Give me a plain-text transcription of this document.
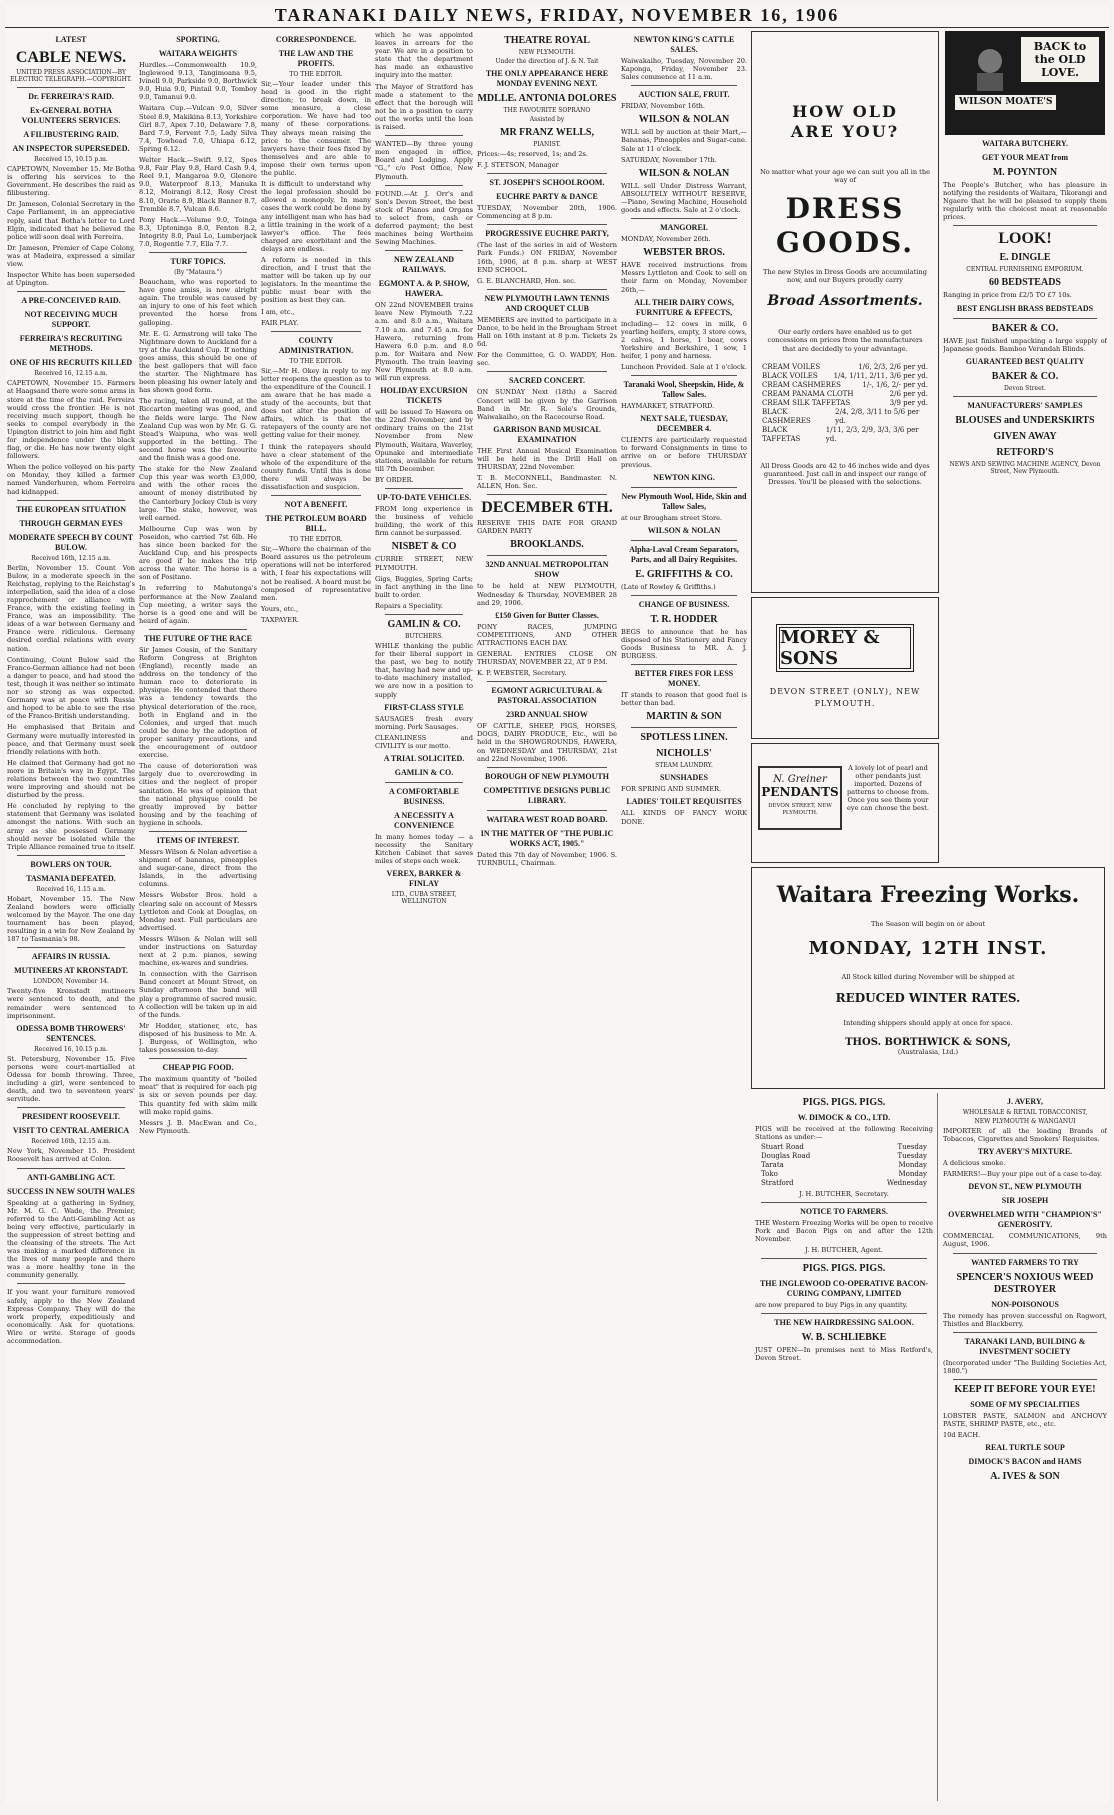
TARANAKI DAILY NEWS, FRIDAY, NOVEMBER 16, 1906
LATEST
CABLE NEWS.
UNITED PRESS ASSOCIATION—BY ELECTRIC TELEGRAPH.—COPYRIGHT.
Dr. FERREIRA'S RAID.
Ex-GENERAL BOTHA VOLUNTEERS SERVICES.
A FILIBUSTERING RAID.
AN INSPECTOR SUPERSEDED.
Received 15, 10.15 p.m.

CAPETOWN, November 15. Mr Botha is offering his services to the Government. He describes the raid as filibustering.

Dr. Jameson, Colonial Secretary in the Cape Parliament, in an appreciative reply, said that Botha's letter to Lord Elgin, indicated that he believed the police will soon deal with Ferreira.

Dr. Jameson, Premier of Cape Colony, was at Madeira, expressed a similar view.

Inspector White has been superseded at Upington.

A PRE-CONCEIVED RAID.
NOT RECEIVING MUCH SUPPORT.
FERREIRA'S RECRUITING METHODS.
ONE OF HIS RECRUITS KILLED
Received 16, 12.15 a.m.

CAPETOWN, November 15. Farmers at Haagsand there were some arms in store at the time of the raid. Ferreira would cross the frontier. He is not receiving much support, though he seeks to compel everybody in the Upington district to join him and fight for independence under the black flag, or die. He has now twenty eight followers.

When the police volleyed on his party on Monday, they killed a farmer named Vanderhuren, whom Ferreira had kidnapped.

THE EUROPEAN SITUATION
THROUGH GERMAN EYES
MODERATE SPEECH BY COUNT BULOW.
Received 16th, 12.15 a.m.

Berlin, November 15. Count Von Bulow, in a moderate speech in the Reichstag, replying to the Reichstag's interpellation, said the idea of a close rapprochement or alliance with France, with the existing feeling in France, was an impossibility. The ideas of a war between Germany and France were ridiculous. Germany desired cordial relations with every nation.

Continuing, Count Bulow said the Franco-German alliance had not been a danger to peace, and had stood the test, though it was neither so intimate nor so strong as was expected. Germany was at peace with Russia and hoped to be able to see the rise of the Franco-British understanding.

He emphasised that Britain and Germany were mutually interested in peace, and that Germany must seek friendly relations with both.

He claimed that Germany had got no more in Britain's way in Egypt. The relations between the two countries were improving and should not be disturbed by the press.

He concluded by replying to the statement that Germany was isolated amongst the nations. With such an army as she possessed Germany should never be isolated while the Triple Alliance remained true to itself.

BOWLERS ON TOUR.
TASMANIA DEFEATED.
Received 16, 1.15 a.m.

Hobart, November 15. The New Zealand bowlers were officially welcomed by the Mayor. The one day tournament has been played, resulting in a win for New Zealand by 187 to Tasmania's 98.

AFFAIRS IN RUSSIA.
MUTINEERS AT KRONSTADT.
LONDON, November 14.

Twenty-five Kronstadt mutineers were sentenced to death, and the remainder were sentenced to imprisonment.

ODESSA BOMB THROWERS' SENTENCES.
Received 16, 10.15 p.m.

St. Petersburg, November 15. Five persons were court-martialled at Odessa for bomb throwing. Three, including a girl, were sentenced to death, and two to seventeen years' servitude.

PRESIDENT ROOSEVELT.
VISIT TO CENTRAL AMERICA
Received 16th, 12.15 a.m.

New York, November 15. President Roosevelt has arrived at Colon.

ANTI-GAMBLING ACT.
SUCCESS IN NEW SOUTH WALES

Speaking at a gathering in Sydney, Mr. M. G. C. Wade, the Premier, referred to the Anti-Gambling Act as being very effective, particularly in the suppression of street betting and the cleansing of the streets. The Act was making a marked difference in the lives of many people and there was a more healthy tone in the community generally.

If you want your furniture removed safely, apply to the New Zealand Express Company. They will do the work properly, expeditiously and economically. Ask for quotations. Wire or write. Storage of goods accommodation.

SPORTING.
WAITARA WEIGHTS

Hurdles.—Commonwealth 10.9, Inglewood 9.13, Tangimoana 9.5, Ivinell 9.0, Parkside 9.0, Borthwick 9.0, Huia 9.0, Pintail 9.0, Tomboy 9.0, Tamanui 9.0.

Waitara Cup.—Vulcan 9.0, Silver Steel 8.9, Makikina 8.13, Yorkshire Girl 8.7, Apex 7.10, Delaware 7.8, Bard 7.9, Fervent 7.5, Lady Silva 7.4, Towhead 7.0, Uhiapa 6.12, Spring 6.12.

Welter Hack.—Swift 9.12, Spes 9.8, Fair Play 9.8, Hard Cash 9.4, Reel 9.1, Mangaroa 9.0, Glenore 9.0, Waterproof 8.13, Manuka 8.12, Moirangi 8.12, Rosy Crest 8.10, Orarie 8.9, Black Banner 8.7, Tremble 8.7, Vulcan 8.6.

Pony Hack.—Volume 9.0, Toinga 8.3, Uptoninga 8.0, Fenton 8.2, Integrity 8.0, Paul Lo, Lumberjack 7.0, Rogentle 7.7, Ella 7.7.

TURF TOPICS.
(By "Mataura.")

Beaucham, who was reported to have gone amiss, is now alright again. The trouble was caused by an injury to one of his feet which prevented the horse from galloping.

Mr. E. G. Armstrong will take The Nightmare down to Auckland for a try at the Auckland Cup. If nothing goes amiss, this should be one of the best gallopers that will face the starter. The Nightmare has been pleasing his owner lately and has shown good form.

The racing, taken all round, at the Riccarton meeting was good, and the fields were large. The New Zealand Cup was won by Mr. G. G. Stead's Waipuna, who was well supported in the betting. The second horse was the favourite and the finish was a good one.

The stake for the New Zealand Cup this year was worth £3,000, and with the other races the amount of money distributed by the Canterbury Jockey Club is very large. The stake, however, was well earned.

Melbourne Cup was won by Poseidon, who carried 7st 6lb. He has since been backed for the Auckland Cup, and his prospects are good if he makes the trip across the water. The horse is a son of Positano.

In referring to Mahutonga's performance at the New Zealand Cup meeting, a writer says the horse is a good one and will be heard of again.

THE FUTURE OF THE RACE

Sir James Cousin, of the Sanitary Reform Congress at Brighton (England), recently made an address on the tendency of the human race to deteriorate in physique. He contended that there was a tendency towards the physical deterioration of the race, both in England and in the Colonies, and urged that much could be done by the adoption of proper sanitary precautions, and the encouragement of outdoor exercise.

The cause of deterioration was largely due to overcrowding in cities and the neglect of proper sanitation. He was of opinion that the national physique could be greatly improved by better housing and by the teaching of hygiene in schools.

ITEMS OF INTEREST.

Messrs Wilson & Nolan advertise a shipment of bananas, pineapples and sugar-cane, direct from the Islands, in the advertising columns.

Messrs Webster Bros. hold a clearing sale on account of Messrs Lyttleton and Cook at Douglas, on Monday next. Full particulars are advertised.

Messrs Wilson & Nolan will sell under instructions on Saturday next at 2 p.m. pianos, sewing machine, ex-wares and sundries.

In connection with the Garrison Band concert at Mount Street, on Sunday afternoon the band will play a programme of sacred music. A collection will be taken up in aid of the funds.

Mr Hodder, stationer, etc, has disposed of his business to Mr. A. J. Burgess, of Wellington, who takes possession to-day.

CHEAP PIG FOOD.

The maximum quantity of "boiled meat" that is required for each pig is six or seven pounds per day. This quantity fed with skim milk will make rapid gains.

Messrs J. B. MacEwan and Co., New Plymouth.

CORRESPONDENCE.
THE LAW AND THE PROFITS.
TO THE EDITOR.

Sir,—Your leader under this head is good in the right direction; to break down, in some measure, a close corporation. We have had too many of these corporations. They always mean raising the price to the consumer. The lawyers have their fees fixed by themselves and are able to impose their own terms upon the public.

It is difficult to understand why the legal profession should be allowed a monopoly. In many cases the work could be done by any intelligent man who has had a little training in the work of a lawyer's office. The fees charged are exorbitant and the delays are endless.

A reform is needed in this direction, and I trust that the matter will be taken up by our legislators. In the meantime the public must bear with the position as best they can.

I am, etc.,

FAIR PLAY.

COUNTY ADMINISTRATION.
TO THE EDITOR.

Sir,—Mr H. Okey in reply to my letter reopens the question as to the expenditure of the Council. I am aware that he has made a study of the accounts, but that does not alter the position of affairs, which is that the ratepayers of the county are not getting value for their money.

I think the ratepayers should have a clear statement of the whole of the expenditure of the county funds. Until this is done there will always be dissatisfaction and suspicion.

NOT A BENEFIT.
THE PETROLEUM BOARD BILL.
TO THE EDITOR.

Sir,—Where the chairman of the Board assures us the petroleum operations will not be interfered with, I fear his expectations will not be realised. A board must be composed of representative men.

Yours, etc.,

TAXPAYER.

which he was appointed leaves in arrears for the year. We are in a position to state that the department has made an exhaustive inquiry into the matter.

The Mayor of Stratford has made a statement to the effect that the borough will not be in a position to carry out the works until the loan is raised.

WANTED—By three young men engaged in office, Board and Lodging. Apply "G.," c/o Post Office, New Plymouth.

FOUND.—At J. Orr's and Son's Devon Street, the best stock of Pianos and Organs to select from, cash or deferred payment; the best machines being Wertheim Sewing Machines.

NEW ZEALAND RAILWAYS.
EGMONT A. & P. SHOW, HAWERA.

ON 22nd NOVEMBER trains leave New Plymouth 7.22 a.m. and 8.0 a.m., Waitara 7.10 a.m. and 7.45 a.m. for Hawera, returning from Hawera 6.0 p.m. and 8.0 p.m. for Waitara and New Plymouth. The train leaving New Plymouth at 8.0 a.m. will run express.

HOLIDAY EXCURSION TICKETS

will be issued To Hawera on the 22nd November, and by ordinary trains on the 21st November from New Plymouth, Waitara, Waverley, Opunake and intermediate stations, available for return till 7th December.

BY ORDER.

UP-TO-DATE VEHICLES.

FROM long experience in the business of vehicle building, the work of this firm cannot be surpassed.

NISBET & CO

CURRIE STREET, NEW PLYMOUTH.

Gigs, Buggies, Spring Carts; in fact anything in the line built to order.

Repairs a Speciality.

GAMLIN & CO.
BUTCHERS.

WHILE thanking the public for their liberal support in the past, we beg to notify that, having had new and up-to-date machinery installed, we are now in a position to supply

FIRST-CLASS STYLE

SAUSAGES fresh every morning. Pork Sausages.

CLEANLINESS and CIVILITY is our motto.

A TRIAL SOLICITED.
GAMLIN & CO.
A COMFORTABLE BUSINESS.
A NECESSITY A CONVENIENCE

In many homes today — a necessity the Sanitary Kitchen Cabinet that saves miles of steps each week.

VEREX, BARKER & FINLAY
LTD., CUBA STREET, WELLINGTON
THEATRE ROYAL
NEW PLYMOUTH.
Under the direction of J. & N. Tait
THE ONLY APPEARANCE HERE MONDAY EVENING NEXT.
MDLLE. ANTONIA DOLORES
THE FAVOURITE SOPRANO
Assisted by
MR FRANZ WELLS,
PIANIST.

Prices:—4s; reserved, 1s; and 2s.

F. J. STETSON, Manager

ST. JOSEPH'S SCHOOLROOM.
EUCHRE PARTY & DANCE

TUESDAY, November 20th, 1906. Commencing at 8 p.m.

PROGRESSIVE EUCHRE PARTY,

(The last of the series in aid of Western Park Funds.) ON FRIDAY, November 16th, 1906, at 8 p.m. sharp at WEST END SCHOOL.

G. E. BLANCHARD, Hon. sec.

NEW PLYMOUTH LAWN TENNIS AND CROQUET CLUB

MEMBERS are invited to participate in a Dance, to be held in the Brougham Street Hall on 16th instant at 8 p.m. Tickets 2s 6d.

For the Committee, G. O. WADDY, Hon. sec.

SACRED CONCERT.

ON SUNDAY Next (18th) a Sacred Concert will be given by the Garrison Band in Mr. R. Sole's Grounds, Waiwakaiho, on the Racecourse Road.

GARRISON BAND MUSICAL EXAMINATION

THE First Annual Musical Examination will be held in the Drill Hall on THURSDAY, 22nd November.

T. B. McCONNELL, Bandmaster. N. ALLEN, Hon. Sec.

DECEMBER 6TH.

RESERVE THIS DATE FOR GRAND GARDEN PARTY

BROOKLANDS.
32ND ANNUAL METROPOLITAN SHOW

to be held at NEW PLYMOUTH, Wednesday & Thursday, NOVEMBER 28 and 29, 1906.

£150 Given for Butter Classes.

PONY RACES, JUMPING COMPETITIONS, AND OTHER ATTRACTIONS EACH DAY.

GENERAL ENTRIES CLOSE ON THURSDAY, NOVEMBER 22, AT 9 P.M.

K. P. WEBSTER, Secretary.

EGMONT AGRICULTURAL & PASTORAL ASSOCIATION
23RD ANNUAL SHOW

OF CATTLE, SHEEP, PIGS, HORSES, DOGS, DAIRY PRODUCE, Etc., will be held in the SHOWGROUNDS, HAWERA, on WEDNESDAY and THURSDAY, 21st and 22nd November, 1906.

BOROUGH OF NEW PLYMOUTH
COMPETITIVE DESIGNS PUBLIC LIBRARY.
WAITARA WEST ROAD BOARD.
IN THE MATTER OF "THE PUBLIC WORKS ACT, 1905."

Dated this 7th day of November, 1906. S. TURNBULL, Chairman.

NEWTON KING'S CATTLE SALES.

Waiwakaiho, Tuesday, November 20. Kaponga, Friday, November 23. Sales commence at 11 a.m.

AUCTION SALE, FRUIT.

FRIDAY, November 16th.

WILSON & NOLAN

WILL sell by auction at their Mart,—Bananas, Pineapples and Sugar-cane. Sale at 11 o'clock.

SATURDAY, November 17th.

WILSON & NOLAN

WILL sell Under Distress Warrant, ABSOLUTELY WITHOUT RESERVE,—Piano, Sewing Machine, Household goods and effects. Sale at 2 o'clock.

MANGOREI.

MONDAY, November 26th.

WEBSTER BROS.

HAVE received instructions from Messrs Lyttleton and Cook to sell on their farm on Monday, November 26th,—

ALL THEIR DAIRY COWS, FURNITURE & EFFECTS,

including— 12 cows in milk, 6 yearling heifers, empty, 3 store cows, 2 calves, 1 horse, 1 boar, cows Yorkshire and Berkshire, 1 sow, 1 heifer, 1 pony and harness.

Luncheon Provided. Sale at 1 o'clock.

Taranaki Wool, Sheepskin, Hide, & Tallow Sales.

HAYMARKET, STRATFORD.

NEXT SALE, TUESDAY, DECEMBER 4.

CLIENTS are particularly requested to forward Consignments in time to arrive on or before THURSDAY previous.

NEWTON KING.
New Plymouth Wool, Hide, Skin and Tallow Sales,

at our Brougham street Store.

WILSON & NOLAN
Alpha-Laval Cream Separators, Parts, and all Dairy Requisites.
E. GRIFFITHS & CO.

(Late of Rowley & Griffiths.)

CHANGE OF BUSINESS.
T. R. HODDER

BEGS to announce that he has disposed of his Stationery and Fancy Goods Business to MR. A. J. BURGESS.

BETTER FIRES FOR LESS MONEY.

IT stands to reason that good fuel is better than bad.

MARTIN & SON
SPOTLESS LINEN.
NICHOLLS'
STEAM LAUNDRY.
SUNSHADES

FOR SPRING AND SUMMER.

LADIES' TOILET REQUISITES

ALL KINDS OF FANCY WORK DONE.

HOW OLD
ARE YOU?
No matter what your age we can suit you all in the way of
DRESS GOODS.
The new Styles in Dress Goods are accumulating now, and our Buyers proudly carry
Broad Assortments.
Our early orders have enabled us to get concessions on prices from the manufacturers that are decidedly to your advantage.
CREAM VOILES	1/6, 2/3, 2/6 per yd.
BLACK VOILES 1/4, 1/11, 2/11, 3/6 per yd.
CREAM CASHMERES	1/-, 1/6, 2/- per yd.
CREAM PANAMA CLOTH	2/6 per yd.
CREAM SILK TAFFETAS	3/9 per yd.
BLACK CASHMERES
2/4, 2/8, 3/11 to 5/6 per yd.
BLACK TAFFETAS
1/11, 2/3, 2/9, 3/3, 3/6 per yd.
All Dress Goods are 42 to 46 inches wide and dyes guaranteed. Just call in and inspect our range of Dresses. You'll be pleased with the selections.
MOREY & SONS
DEVON STREET (ONLY), NEW PLYMOUTH.
N. Greiner
PENDANTS
DEVON STREET, NEW PLYMOUTH.
A lovely lot of pearl and other pendants just imported. Dozens of patterns to choose from. Once you see them your eye can choose the best.
Waitara Freezing Works.
The Season will begin on or about
MONDAY, 12TH INST.
All Stock killed during November will be shipped at
REDUCED WINTER RATES.
Intending shippers should apply at once for space.
THOS. BORTHWICK & SONS,
(Australasia, Ltd.)
PIGS. PIGS. PIGS.
W. DIMOCK & CO., LTD.
PIGS will be received at the following Receiving Stations as under:—
Stuart Road	Tuesday
Douglas Road	Tuesday
Tarata	Monday
Toko	Monday
Stratford	Wednesday
J. H. BUTCHER, Secretary.
NOTICE TO FARMERS.
THE Western Freezing Works will be open to receive Pork and Bacon Pigs on and after the 12th November.
J. H. BUTCHER, Agent.
PIGS. PIGS. PIGS.
THE INGLEWOOD CO-OPERATIVE BACON-CURING COMPANY, LIMITED
are now prepared to buy Pigs in any quantity.
THE NEW HAIRDRESSING SALOON.
W. B. SCHLIEBKE
JUST OPEN—In premises next to Miss Retford's, Devon Street.
BACK to the OLD LOVE.
WILSON MOATE'S
WAITARA BUTCHERY.
GET YOUR MEAT from
M. POYNTON

The People's Butcher, who has pleasure in notifying the residents of Waitara, Tikorangi and Ngaere that he will be pleased to supply them regularly with the choicest meat at reasonable prices.

LOOK!
E. DINGLE
CENTRAL FURNISHING EMPORIUM.
60 BEDSTEADS

Ranging in price from £2/5 TO £7 10s.

BEST ENGLISH BRASS BEDSTEADS
BAKER & CO.

HAVE just finished unpacking a large supply of Japanese goods. Bamboo Verandah Blinds.

GUARANTEED BEST QUALITY
BAKER & CO.
Devon Street.
MANUFACTURERS' SAMPLES
BLOUSES and UNDERSKIRTS
GIVEN AWAY
RETFORD'S
NEWS AND SEWING MACHINE AGENCY, Devon Street, New Plymouth.
J. AVERY,
WHOLESALE & RETAIL TOBACCONIST,
NEW PLYMOUTH & WANGANUI

IMPORTER of all the leading Brands of Tobaccos, Cigarettes and Smokers' Requisites.

TRY AVERY'S MIXTURE.

A delicious smoke.

FARMERS!—Buy your pipe out of a case to-day.

DEVON ST., NEW PLYMOUTH
SIR JOSEPH
OVERWHELMED WITH "CHAMPION'S" GENEROSITY.

COMMERCIAL COMMUNICATIONS, 9th August, 1906.

WANTED FARMERS TO TRY
SPENCER'S NOXIOUS WEED DESTROYER
NON-POISONOUS

The remedy has proven successful on Ragwort, Thistles and Blackberry.

TARANAKI LAND, BUILDING & INVESTMENT SOCIETY

(Incorporated under "The Building Societies Act, 1880.")

KEEP IT BEFORE YOUR EYE!
SOME OF MY SPECIALITIES

LOBSTER PASTE, SALMON and ANCHOVY PASTE, SHRIMP PASTE, etc., etc.

10d EACH.

REAL TURTLE SOUP
DIMOCK'S BACON and HAMS
A. IVES & SON
